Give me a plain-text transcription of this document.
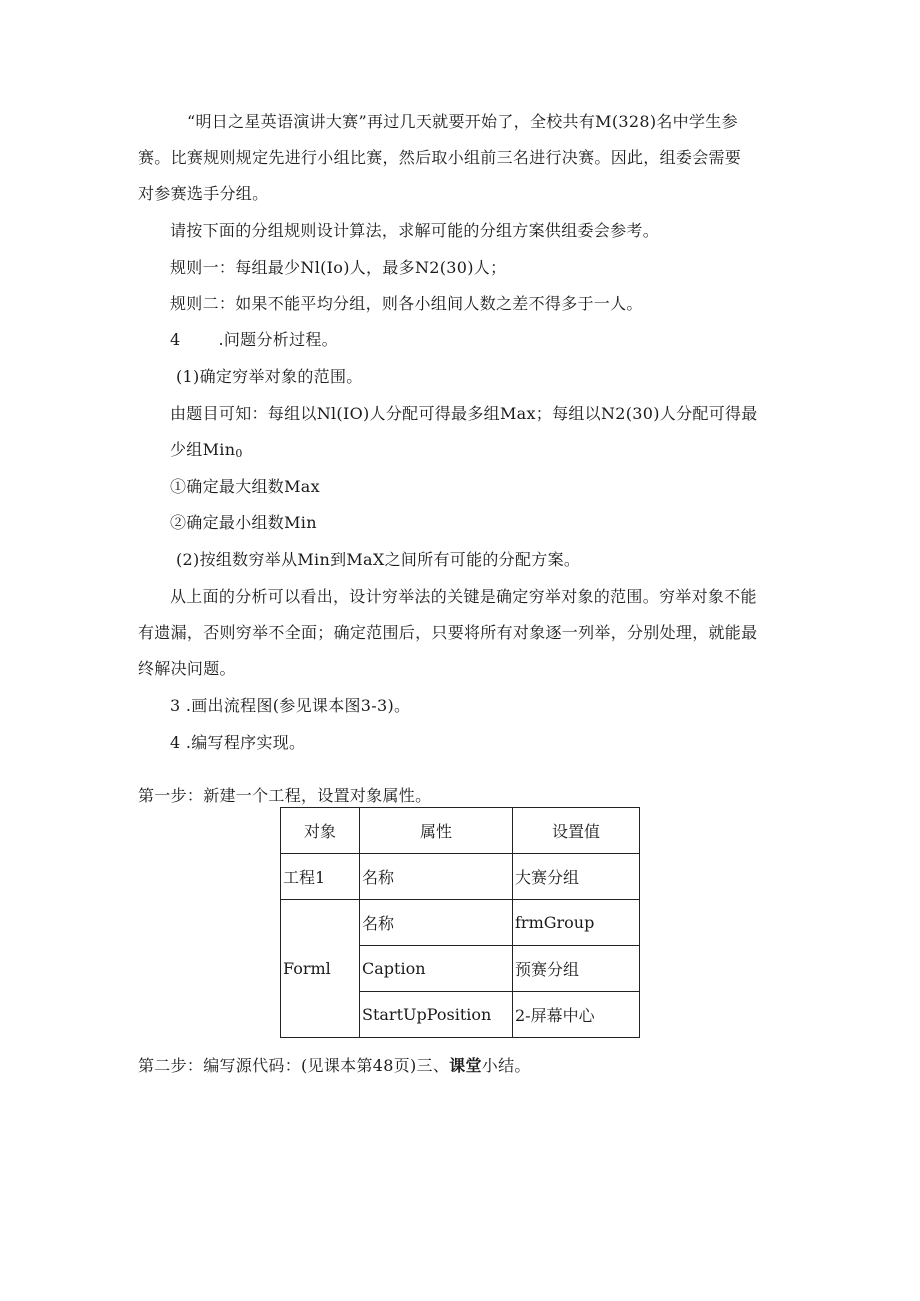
“明日之星英语演讲大赛”再过几天就要开始了，全校共有M(328)名中学生参
赛。比赛规则规定先进行小组比赛，然后取小组前三名进行决赛。因此，组委会需要
对参赛选手分组。
请按下面的分组规则设计算法，求解可能的分组方案供组委会参考。
规则一：每组最少Nl(Io)人，最多N2(30)人；
规则二：如果不能平均分组，则各小组间人数之差不得多于一人。
4 .问题分析过程。
(1)确定穷举对象的范围。
由题目可知：每组以Nl(IO)人分配可得最多组Max；每组以N2(30)人分配可得最
少组Min0
①确定最大组数Max
②确定最小组数Min
(2)按组数穷举从Min到MaX之间所有可能的分配方案。
从上面的分析可以看出，设计穷举法的关键是确定穷举对象的范围。穷举对象不能
有遗漏，否则穷举不全面；确定范围后，只要将所有对象逐一列举，分别处理，就能最
终解决问题。
3 .画出流程图(参见课本图3-3)。
4 .编写程序实现。
第一步：新建一个工程，设置对象属性。
对象	属性	设置值
工程1	名称	大赛分组
Forml	名称	frmGroup
	Caption	预赛分组
	StartUpPosition	2-屏幕中心
第二步：编写源代码：(见课本第48页)三、课堂小结。
